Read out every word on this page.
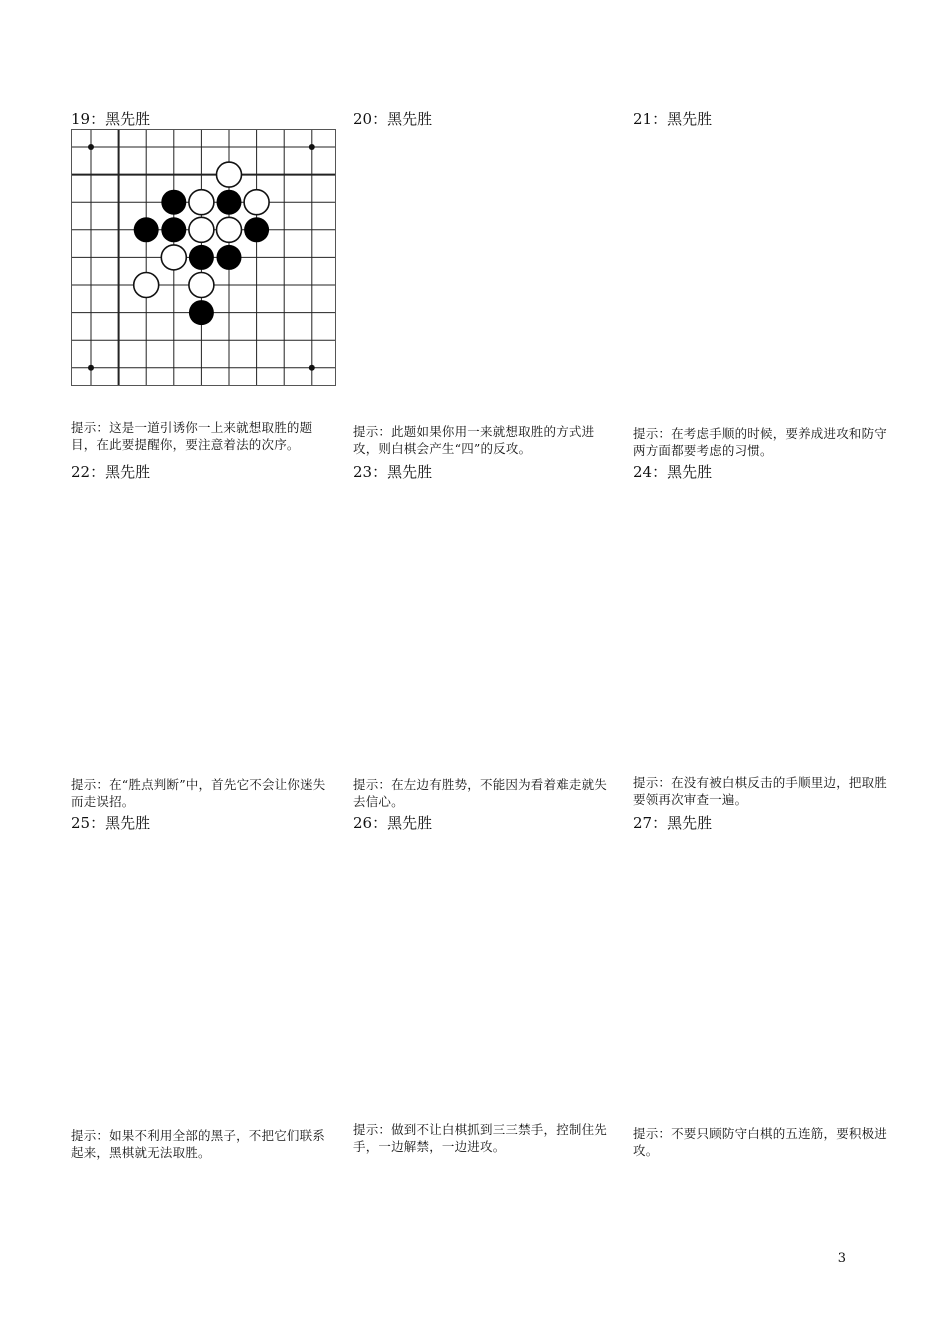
19：黑先胜	20：黑先胜	21：黑先胜
提示：这是一道引诱你一上来就想取胜的题目，在此要提醒你，要注意着法的次序。
提示：此题如果你用一来就想取胜的方式进攻，则白棋会产生“四”的反攻。
提示：在考虑手顺的时候，要养成进攻和防守两方面都要考虑的习惯。
22：黑先胜	23：黑先胜	24：黑先胜
提示：在“胜点判断”中，首先它不会让你迷失而走误招。
提示：在左边有胜势，不能因为看着难走就失去信心。
提示：在没有被白棋反击的手顺里边，把取胜要领再次审查一遍。
25：黑先胜	26：黑先胜	27：黑先胜
提示：如果不利用全部的黑子，不把它们联系起来，黑棋就无法取胜。
提示：做到不让白棋抓到三三禁手，控制住先手，一边解禁，一边进攻。
提示：不要只顾防守白棋的五连筋，要积极进攻。
3
